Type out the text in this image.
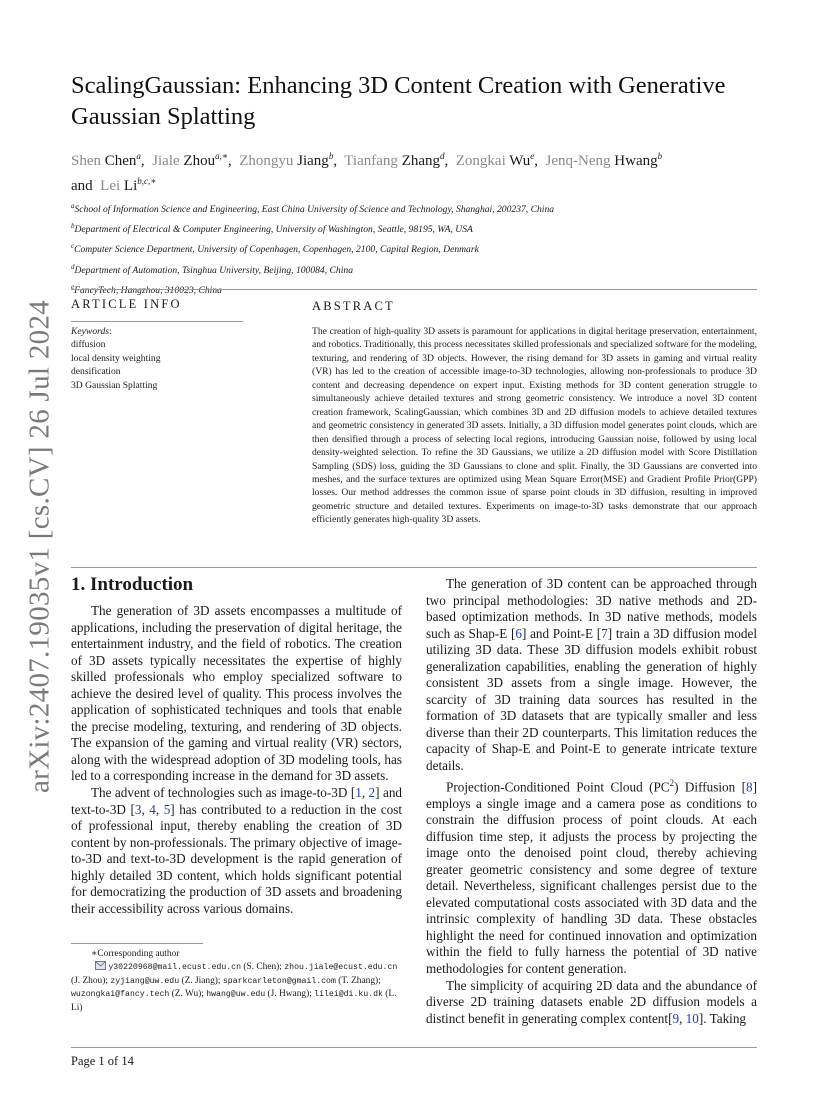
arXiv:2407.19035v1 [cs.CV] 26 Jul 2024
ScalingGaussian: Enhancing 3D Content Creation with Generative Gaussian Splatting
Shen Chen$^a$,  Jiale Zhou$^{a,∗}$,  Zhongyu Jiang$^b$,  Tianfang Zhang$^d$,  Zongkai Wu$^e$,  Jenq-Neng Hwang$^b$
and Lei $Li^{b,c,∗}$
$^a$School of Information Science and Engineering, East China University of Science and Technology, Shanghai, 200237, China
$^b$Department of Electrical & Computer Engineering, University of Washington, Seattle, 98195, WA, USA
$^c$Computer Science Department, University of Copenhagen, Copenhagen, 2100, Capital Region, Denmark
$^d$Department of Automation, Tsinghua University, Beijing, 100084, China
$^e$FancyTech, Hangzhou, 310023, China
ARTICLE INFO	ABSTRACT
Keywords:
diffusion
local density weighting
densification
3D Gaussian Splatting
The creation of high-quality 3D assets is paramount for applications in digital heritage preservation, entertainment, and robotics. Traditionally, this process necessitates skilled professionals and specialized software for the modeling, texturing, and rendering of 3D objects. However, the rising demand for 3D assets in gaming and virtual reality (VR) has led to the creation of accessible image-to-3D technologies, allowing non-professionals to produce 3D content and decreasing dependence on expert input. Existing methods for 3D content generation struggle to simultaneously achieve detailed textures and strong geometric consistency. We introduce a novel 3D content creation framework, ScalingGaussian, which combines 3D and 2D diffusion models to achieve detailed textures and geometric consistency in generated 3D assets. Initially, a 3D diffusion model generates point clouds, which are then densified through a process of selecting local regions, introducing Gaussian noise, followed by using local density-weighted selection. To refine the 3D Gaussians, we utilize a 2D diffusion model with Score Distillation Sampling (SDS) loss, guiding the 3D Gaussians to clone and split. Finally, the 3D Gaussians are converted into meshes, and the surface textures are optimized using Mean Square Error(MSE) and Gradient Profile Prior(GPP) losses. Our method addresses the common issue of sparse point clouds in 3D diffusion, resulting in improved geometric structure and detailed textures. Experiments on image-to-3D tasks demonstrate that our approach efficiently generates high-quality 3D assets.
1. Introduction

The generation of 3D assets encompasses a multitude of applications, including the preservation of digital heritage, the entertainment industry, and the field of robotics. The creation of 3D assets typically necessitates the expertise of highly skilled professionals who employ specialized software to achieve the desired level of quality. This process involves the application of sophisticated techniques and tools that enable the precise modeling, texturing, and rendering of 3D objects. The expansion of the gaming and virtual reality (VR) sectors, along with the widespread adoption of 3D modeling tools, has led to a corresponding increase in the demand for 3D assets.

The advent of technologies such as image-to-3D [1, 2] and text-to-3D [3, 4, 5] has contributed to a reduction in the cost of professional input, thereby enabling the creation of 3D content by non-professionals. The primary objective of image-to-3D and text-to-3D development is the rapid generation of highly detailed 3D content, which holds significant potential for democratizing the production of 3D assets and broadening their accessibility across various domains.

∗Corresponding author
y30220968@mail.ecust.edu.cn (S. Chen); zhou.jiale@ecust.edu.cn (J. Zhou); zyjiang@uw.edu (Z. Jiang); sparkcarleton@gmail.com (T. Zhang); wuzongkai@fancy.tech (Z. Wu); hwang@uw.edu (J. Hwang); lilei@di.ku.dk (L. Li)

The generation of 3D content can be approached through two principal methodologies: 3D native methods and 2D-based optimization methods. In 3D native methods, models such as Shap-E [6] and Point-E [7] train a 3D diffusion model utilizing 3D data. These 3D diffusion models exhibit robust generalization capabilities, enabling the generation of highly consistent 3D assets from a single image. However, the scarcity of 3D training data sources has resulted in the formation of 3D datasets that are typically smaller and less diverse than their 2D counterparts. This limitation reduces the capacity of Shap-E and Point-E to generate intricate texture details.

Projection-Conditioned Point Cloud $(PC^2)$ Diffusion [8] employs a single image and a camera pose as conditions to constrain the diffusion process of point clouds. At each diffusion time step, it adjusts the process by projecting the image onto the denoised point cloud, thereby achieving greater geometric consistency and some degree of texture detail. Nevertheless, significant challenges persist due to the elevated computational costs associated with 3D data and the intrinsic complexity of handling 3D data. These obstacles highlight the need for continued innovation and optimization within the field to fully harness the potential of 3D native methodologies for content generation.

The simplicity of acquiring 2D data and the abundance of diverse 2D training datasets enable 2D diffusion models a distinct benefit in generating complex content[9, 10]. Taking

Page 1 of 14
